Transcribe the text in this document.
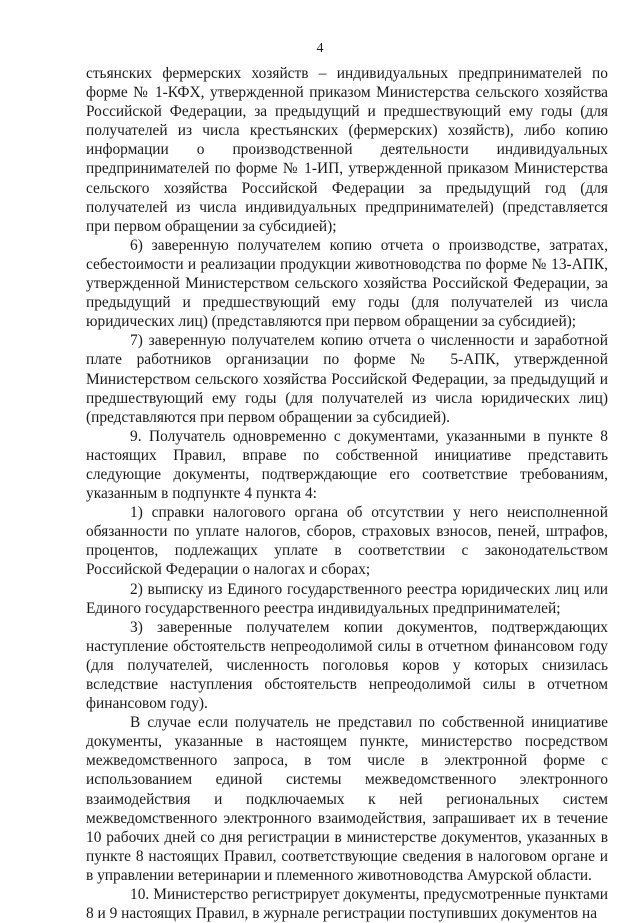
4

стьянских фермерских хозяйств – индивидуальных предпринимателей по форме № 1-КФХ, утвержденной приказом Министерства сельского хозяйства Российской Федерации, за предыдущий и предшествующий ему годы (для получателей из числа крестьянских (фермерских) хозяйств), либо копию информации о производственной деятельности индивидуальных предпринимателей по форме № 1-ИП, утвержденной приказом Министерства сельского хозяйства Российской Федерации за предыдущий год (для получателей из числа индивидуальных предпринимателей) (представляется при первом обращении за субсидией);

6) заверенную получателем копию отчета о производстве, затратах, себестоимости и реализации продукции животноводства по форме № 13-АПК, утвержденной Министерством сельского хозяйства Российской Федерации, за предыдущий и предшествующий ему годы (для получателей из числа юридических лиц) (представляются при первом обращении за субсидией);

7) заверенную получателем копию отчета о численности и заработной плате работников организации по форме № 5-АПК, утвержденной Министерством сельского хозяйства Российской Федерации, за предыдущий и предшествующий ему годы (для получателей из числа юридических лиц) (представляются при первом обращении за субсидией).

9. Получатель одновременно с документами, указанными в пункте 8 настоящих Правил, вправе по собственной инициативе представить следующие документы, подтверждающие его соответствие требованиям, указанным в подпункте 4 пункта 4:

1) справки налогового органа об отсутствии у него неисполненной обязанности по уплате налогов, сборов, страховых взносов, пеней, штрафов, процентов, подлежащих уплате в соответствии с законодательством Российской Федерации о налогах и сборах;

2) выписку из Единого государственного реестра юридических лиц или Единого государственного реестра индивидуальных предпринимателей;

3) заверенные получателем копии документов, подтверждающих наступление обстоятельств непреодолимой силы в отчетном финансовом году (для получателей, численность поголовья коров у которых снизилась вследствие наступления обстоятельств непреодолимой силы в отчетном финансовом году).

В случае если получатель не представил по собственной инициативе документы, указанные в настоящем пункте, министерство посредством межведомственного запроса, в том числе в электронной форме с использованием единой системы межведомственного электронного взаимодействия и подключаемых к ней региональных систем межведомственного электронного взаимодействия, запрашивает их в течение 10 рабочих дней со дня регистрации в министерстве документов, указанных в пункте 8 настоящих Правил, соответствующие сведения в налоговом органе и в управлении ветеринарии и племенного животноводства Амурской области.

10. Министерство регистрирует документы, предусмотренные пунктами 8 и 9 настоящих Правил, в журнале регистрации поступивших документов на
